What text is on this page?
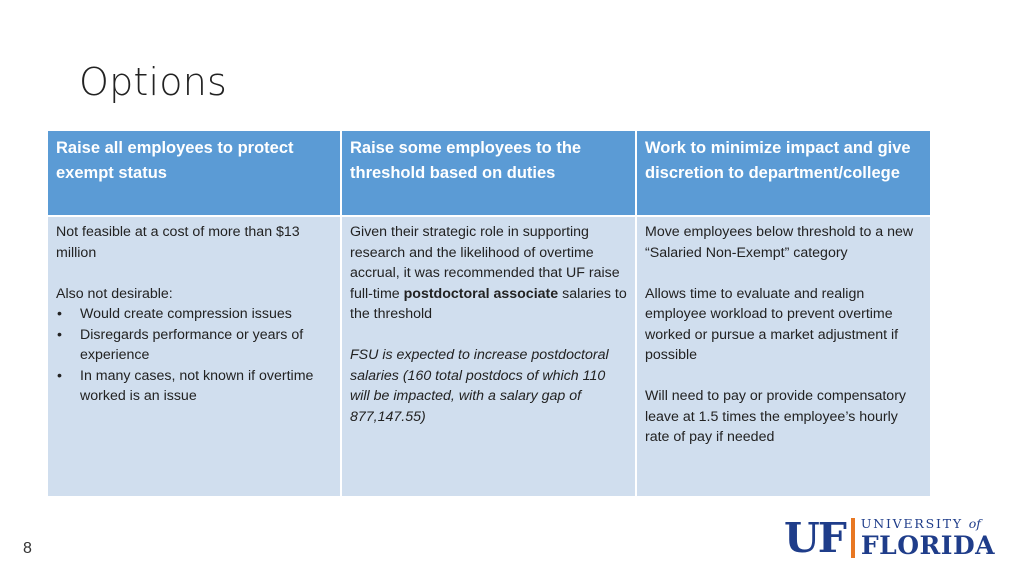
Options
Raise all employees to protect exempt status
Raise some employees to the threshold based on duties
Work to minimize impact and give discretion to department/college
Not feasible at a cost of more than $13 million
Also not desirable:
• Would create compression issues
• Disregards performance or years of experience
• In many cases, not known if overtime worked is an issue
Given their strategic role in supporting research and the likelihood of overtime accrual, it was recommended that UF raise full-time postdoctoral associate salaries to the threshold
FSU is expected to increase postdoctoral salaries (160 total postdocs of which 110 will be impacted, with a salary gap of 877,147.55)
Move employees below threshold to a new “Salaried Non-Exempt” category
Allows time to evaluate and realign employee workload to prevent overtime worked or pursue a market adjustment if possible
Will need to pay or provide compensatory leave at 1.5 times the employee’s hourly rate of pay if needed
8	UF UNIVERSITY of
FLORIDA
